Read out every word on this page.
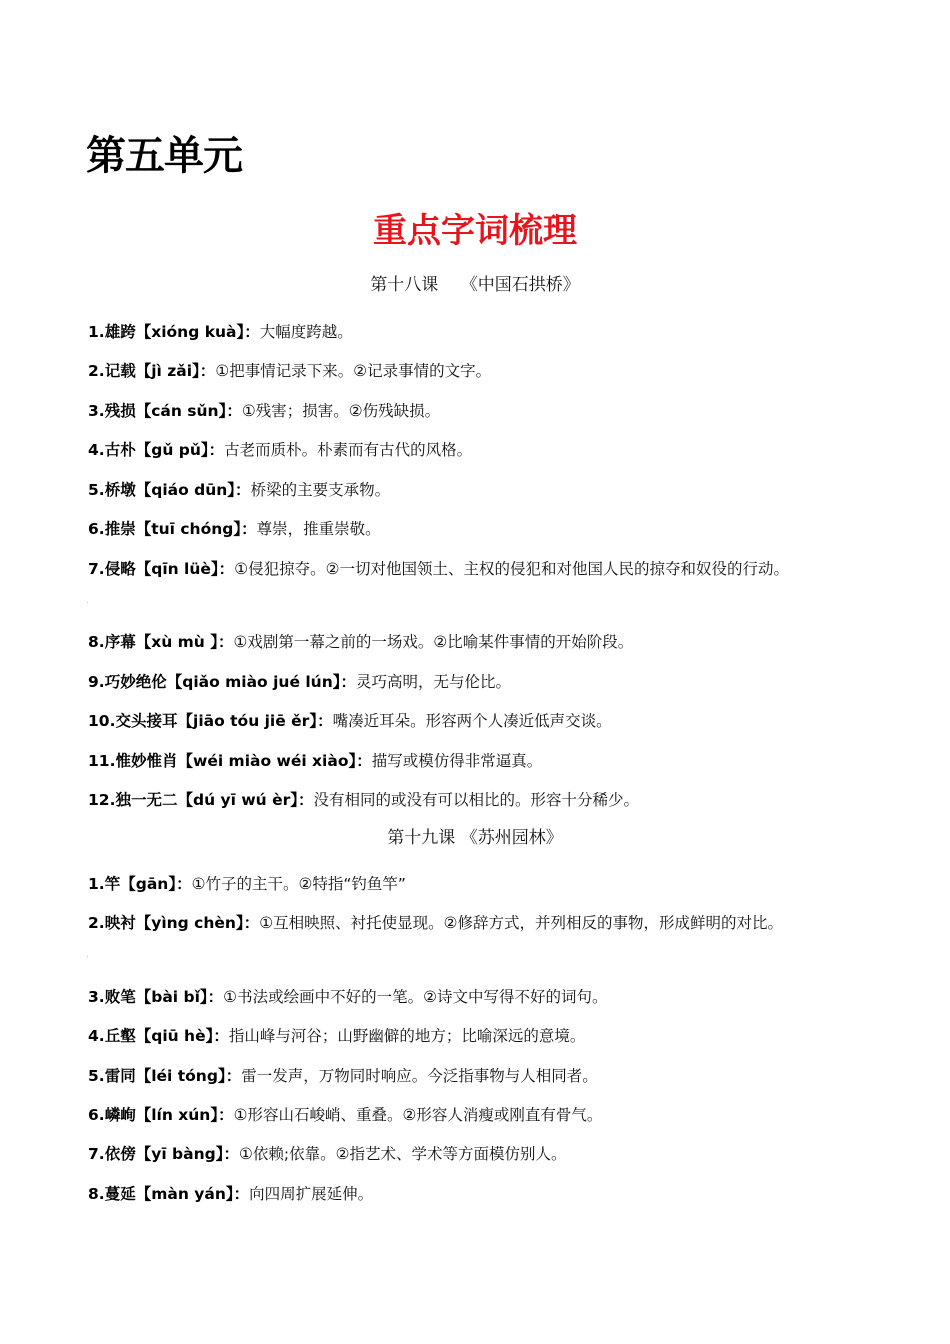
第五单元
重点字词梳理
第十八课　 《中国石拱桥》
1.雄跨【xióng kuà】：大幅度跨越。
2.记载【jì zǎi】：①把事情记录下来。②记录事情的文字。
3.残损【cán sǔn】：①残害；损害。②伤残缺损。
4.古朴【gǔ pǔ】：古老而质朴。朴素而有古代的风格。
5.桥墩【qiáo dūn】：桥梁的主要支承物。
6.推崇【tuī chóng】：尊崇，推重崇敬。
7.侵略【qīn lüè】：①侵犯掠夺。②一切对他国领土、主权的侵犯和对他国人民的掠夺和奴役的行动。
8.序幕【xù mù 】：①戏剧第一幕之前的一场戏。②比喻某件事情的开始阶段。
9.巧妙绝伦【qiǎo miào jué lún】：灵巧高明，无与伦比。
10.交头接耳【jiāo tóu jiē ěr】：嘴凑近耳朵。形容两个人凑近低声交谈。
11.惟妙惟肖【wéi miào wéi xiào】：描写或模仿得非常逼真。
12.独一无二【dú yī wú èr】：没有相同的或没有可以相比的。形容十分稀少。
.
第十九课 《苏州园林》
1.竿【gān】：①竹子的主干。②特指“钓鱼竿”
2.映衬【yìng chèn】：①互相映照、衬托使显现。②修辞方式，并列相反的事物，形成鲜明的对比。
3.败笔【bài bǐ】：①书法或绘画中不好的一笔。②诗文中写得不好的词句。
4.丘壑【qiū hè】：指山峰与河谷；山野幽僻的地方；比喻深远的意境。
5.雷同【léi tóng】：雷一发声，万物同时响应。今泛指事物与人相同者。
6.嶙峋【lín xún】：①形容山石峻峭、重叠。②形容人消瘦或刚直有骨气。
7.依傍【yī bàng】：①依赖;依靠。②指艺术、学术等方面模仿别人。
8.蔓延【màn yán】：向四周扩展延伸。
.
